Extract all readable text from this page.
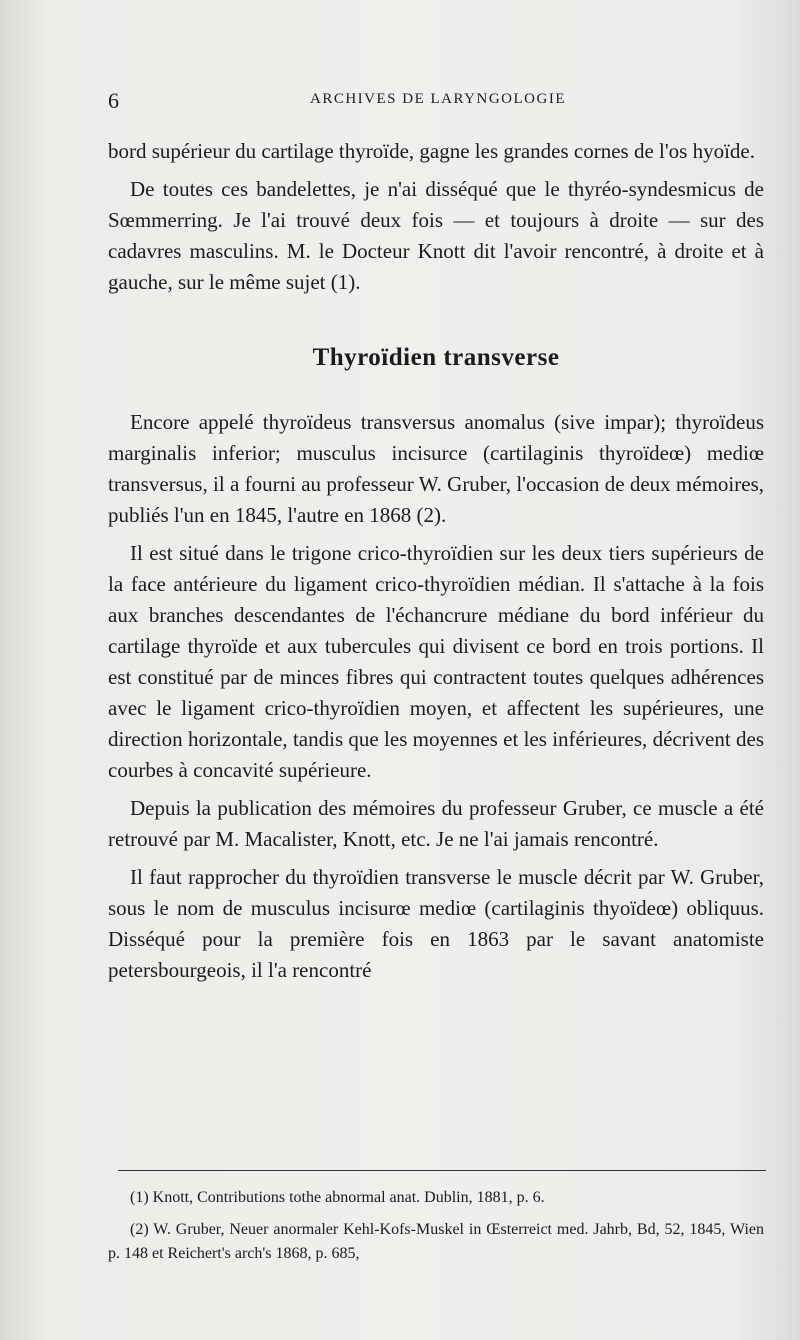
6	ARCHIVES DE LARYNGOLOGIE

bord supérieur du cartilage thyroïde, gagne les grandes cornes de l'os hyoïde.

De toutes ces bandelettes, je n'ai disséqué que le thyréo-syndesmicus de Sœmmerring. Je l'ai trouvé deux fois — et toujours à droite — sur des cadavres masculins. M. le Docteur Knott dit l'avoir rencontré, à droite et à gauche, sur le même sujet (1).

Thyroïdien transverse

Encore appelé thyroïdeus transversus anomalus (sive impar); thyroïdeus marginalis inferior; musculus incisurce (cartilaginis thyroïdeœ) mediœ transversus, il a fourni au professeur W. Gruber, l'occasion de deux mémoires, publiés l'un en 1845, l'autre en 1868 (2).

Il est situé dans le trigone crico-thyroïdien sur les deux tiers supérieurs de la face antérieure du ligament crico-thyroïdien médian. Il s'attache à la fois aux branches descendantes de l'échancrure médiane du bord inférieur du cartilage thyroïde et aux tubercules qui divisent ce bord en trois portions. Il est constitué par de minces fibres qui contractent toutes quelques adhérences avec le ligament crico-thyroïdien moyen, et affectent les supérieures, une direction horizontale, tandis que les moyennes et les inférieures, décrivent des courbes à concavité supérieure.

Depuis la publication des mémoires du professeur Gruber, ce muscle a été retrouvé par M. Macalister, Knott, etc. Je ne l'ai jamais rencontré.

Il faut rapprocher du thyroïdien transverse le muscle décrit par W. Gruber, sous le nom de musculus incisurœ mediœ (cartilaginis thyoïdeœ) obliquus. Disséqué pour la première fois en 1863 par le savant anatomiste petersbourgeois, il l'a rencontré

(1) Knott, Contributions tothe abnormal anat. Dublin, 1881, p. 6.

(2) W. Gruber, Neuer anormaler Kehl-Kofs-Muskel in Œsterreict med. Jahrb, Bd, 52, 1845, Wien p. 148 et Reichert's arch's 1868, p. 685,
